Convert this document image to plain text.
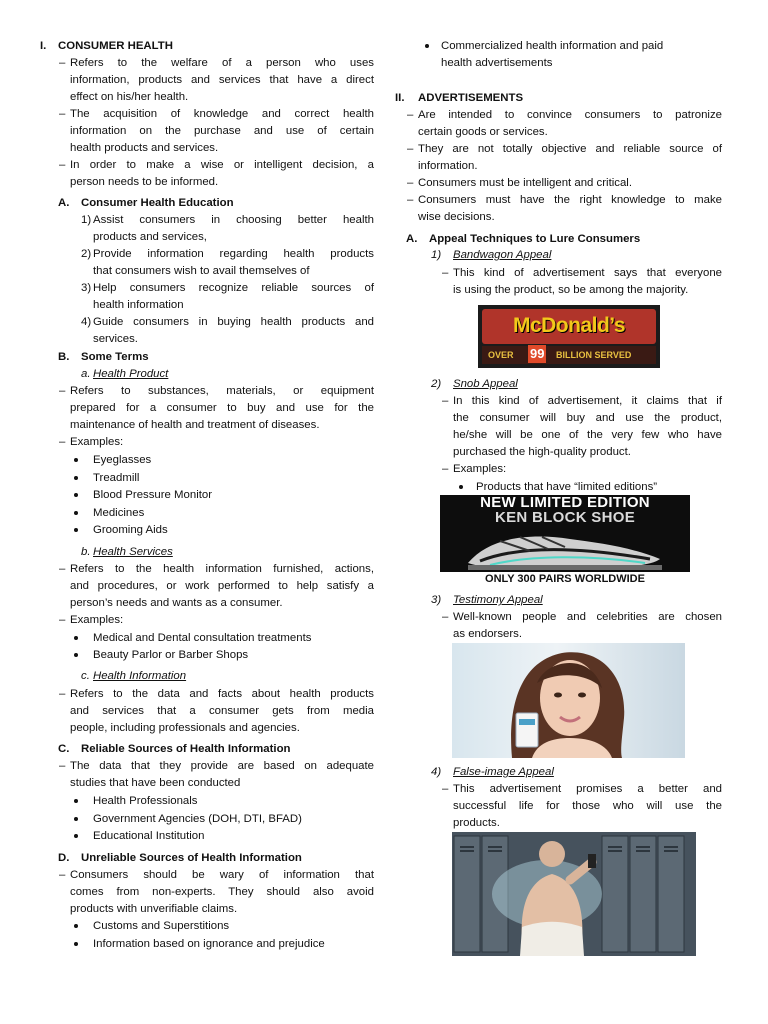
I. CONSUMER HEALTH
– Refers to the welfare of a person who uses
information, products and services that have a direct
effect on his/her health.
– The acquisition of knowledge and correct health
information on the purchase and use of certain
health products and services.
– In order to make a wise or intelligent decision, a
person needs to be informed.
A. Consumer Health Education
1) Assist consumers in choosing better health
products and services,
2) Provide information regarding health products
that consumers wish to avail themselves of
3) Help consumers recognize reliable sources of
health information
4) Guide consumers in buying health products and
services.
B. Some Terms
a. Health Product
– Refers to substances, materials, or equipment
prepared for a consumer to buy and use for the
maintenance of health and treatment of diseases.
– Examples:
Eyeglasses
Treadmill
Blood Pressure Monitor
Medicines
Grooming Aids
b. Health Services
– Refers to the health information furnished, actions,
and procedures, or work performed to help satisfy a
person’s needs and wants as a consumer.
– Examples:
Medical and Dental consultation treatments
Beauty Parlor or Barber Shops
c. Health Information
– Refers to the data and facts about health products
and services that a consumer gets from media
people, including professionals and agencies.
C. Reliable Sources of Health Information
– The data that they provide are based on adequate
studies that have been conducted
Health Professionals
Government Agencies (DOH, DTI, BFAD)
Educational Institution
D. Unreliable Sources of Health Information
– Consumers should be wary of information that
comes from non-experts. They should also avoid
products with unverifiable claims.
Customs and Superstitions
Information based on ignorance and prejudice
Commercialized health information and paid
health advertisements
II. ADVERTISEMENTS
– Are intended to convince consumers to patronize
certain goods or services.
– They are not totally objective and reliable source of
information.
– Consumers must be intelligent and critical.
– Consumers must have the right knowledge to make
wise decisions.
A. Appeal Techniques to Lure Consumers
1) Bandwagon Appeal
– This kind of advertisement says that everyone
is using the product, so be among the majority.
McDonald’s
OVER 99 BILLION SERVED
2) Snob Appeal
– In this kind of advertisement, it claims that if
the consumer will buy and use the product,
he/she will be one of the very few who have
purchased the high-quality product.
– Examples:
Products that have “limited editions”
NEW LIMITED EDITION
KEN BLOCK SHOE
ONLY 300 PAIRS WORLDWIDE
3) Testimony Appeal
– Well-known people and celebrities are chosen
as endorsers.
4) False-image Appeal
– This advertisement promises a better and
successful life for those who will use the
products.
